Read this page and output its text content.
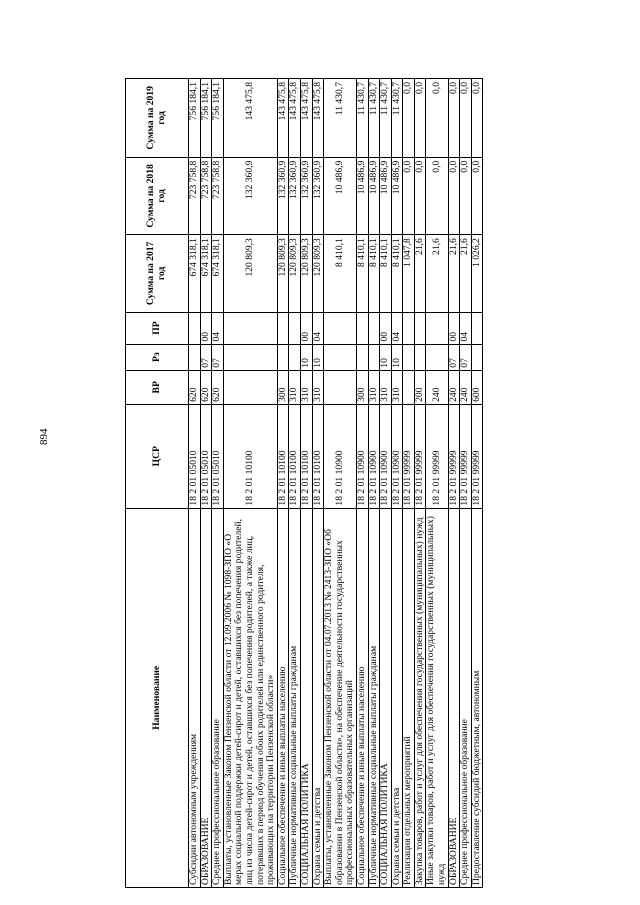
894
Наименование	ЦСР	ВР	Рз	ПР	Сумма на 2017 год	Сумма на 2018 год	Сумма на 2019 год
Субсидии автономным учреждениям	18 2 01 05010	620			674 318,1	723 758,8	756 184,1
ОБРАЗОВАНИЕ	18 2 01 05010	620	07	00	674 318,1	723 758,8	756 184,1
Среднее профессиональное образование	18 2 01 05010	620	07	04	674 318,1	723 758,8	756 184,1
Выплаты, установленные Законом Пензенской области от 12.09.2006 № 1098-ЗПО «О мерах социальной поддержки детей-сирот и детей, оставшихся без попечения родителей, лиц из числа детей-сирот и детей, оставшихся без попечения родителей, а также лиц, потерявших в период обучения обоих родителей или единственного родителя, проживающих на территории Пензенской области»	18 2 01 10100				120 809,3	132 360,9	143 475,8
Социальное обеспечение и иные выплаты населению	18 2 01 10100	300			120 809,3	132 360,9	143 475,8
Публичные нормативные социальные выплаты гражданам	18 2 01 10100	310			120 809,3	132 360,9	143 475,8
СОЦИАЛЬНАЯ ПОЛИТИКА	18 2 01 10100	310	10	00	120 809,3	132 360,9	143 475,8
Охрана семьи и детства	18 2 01 10100	310	10	04	120 809,3	132 360,9	143 475,8
Выплаты, установленные Законом Пензенской области от 04.07.2013 № 2413-ЗПО «Об образовании в Пензенской области», на обеспечение деятельности государственных профессиональных образовательных организаций	18 2 01 10900				8 410,1	10 486,9	11 430,7
Социальное обеспечение и иные выплаты населению	18 2 01 10900	300			8 410,1	10 486,9	11 430,7
Публичные нормативные социальные выплаты гражданам	18 2 01 10900	310			8 410,1	10 486,9	11 430,7
СОЦИАЛЬНАЯ ПОЛИТИКА	18 2 01 10900	310	10	00	8 410,1	10 486,9	11 430,7
Охрана семьи и детства	18 2 01 10900	310	10	04	8 410,1	10 486,9	11 430,7
Реализация отдельных мероприятий	18 2 01 99999				1 047,8	0,0	0,0
Закупка товаров, работ и услуг для обеспечения государственных (муниципальных) нужд	18 2 01 99999	200			21,6	0,0	0,0
Иные закупки товаров, работ и услуг для обеспечения государственных (муниципальных) нужд	18 2 01 99999	240			21,6	0,0	0,0
ОБРАЗОВАНИЕ	18 2 01 99999	240	07	00	21,6	0,0	0,0
Среднее профессиональное образование	18 2 01 99999	240	07	04	21,6	0,0	0,0
Предоставление субсидий бюджетным, автономным	18 2 01 99999	600			1 026,2	0,0	0,0
